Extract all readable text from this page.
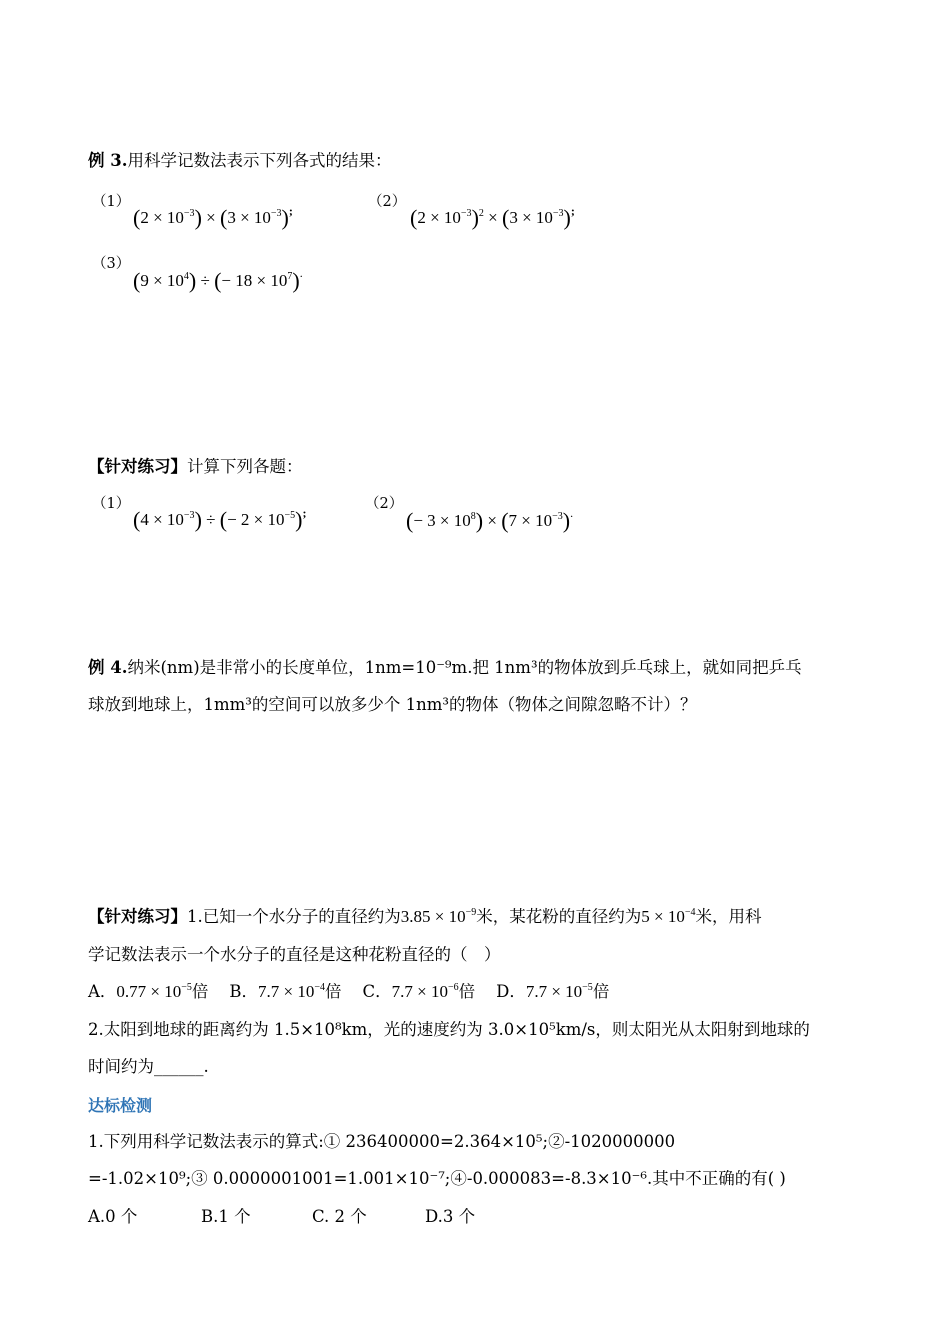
例 3.用科学记数法表示下列各式的结果：
（1）
$(2 \times 10^{-3}) \times (3 \times 10^{-3})^;$
（2）
$(2 \times 10^{-3})^2 \times (3 \times 10^{-3})^;$
（3）
$(9 \times 10^4)$ ÷ (− $18 \times 10^7)^.$
【针对练习】计算下列各题：
（1）
$(4 \times 10^{-3})$ ÷ (− $2 \times 10^{-5})^;$
（2）
(− $3 \times 10^8) \times (7 \times 10^{-3})^.$
例 4.纳米(nm)是非常小的长度单位，1nm=10⁻⁹m.把 1nm³的物体放到乒乓球上，就如同把乒乓
球放到地球上，1mm³的空间可以放多少个 1nm³的物体（物体之间隙忽略不计）？
【针对练习】1.已知一个水分子的直径约为$3.85 \times 10^{-9}$米，某花粉的直径约为$5 \times 10^{-4}$米，用科
学记数法表示一个水分子的直径是这种花粉直径的（　）
A．$0.77 \times 10^{-5}$倍 B．$7.7 \times 10^{-4}$倍 C．$7.7 \times 10^{-6}$倍 D．$7.7 \times 10^{-5}$倍
2.太阳到地球的距离约为 1.5×10⁸km，光的速度约为 3.0×10⁵km/s，则太阳光从太阳射到地球的
时间约为______.
达标检测
1.下列用科学记数法表示的算式:① 236400000=2.364×10⁵;②-1020000000
=-1.02×10⁹;③ 0.0000001001=1.001×10⁻⁷;④-0.000083=-8.3×10⁻⁶.其中不正确的有( )
A.0 个	B.1 个	C. 2 个	D.3 个
